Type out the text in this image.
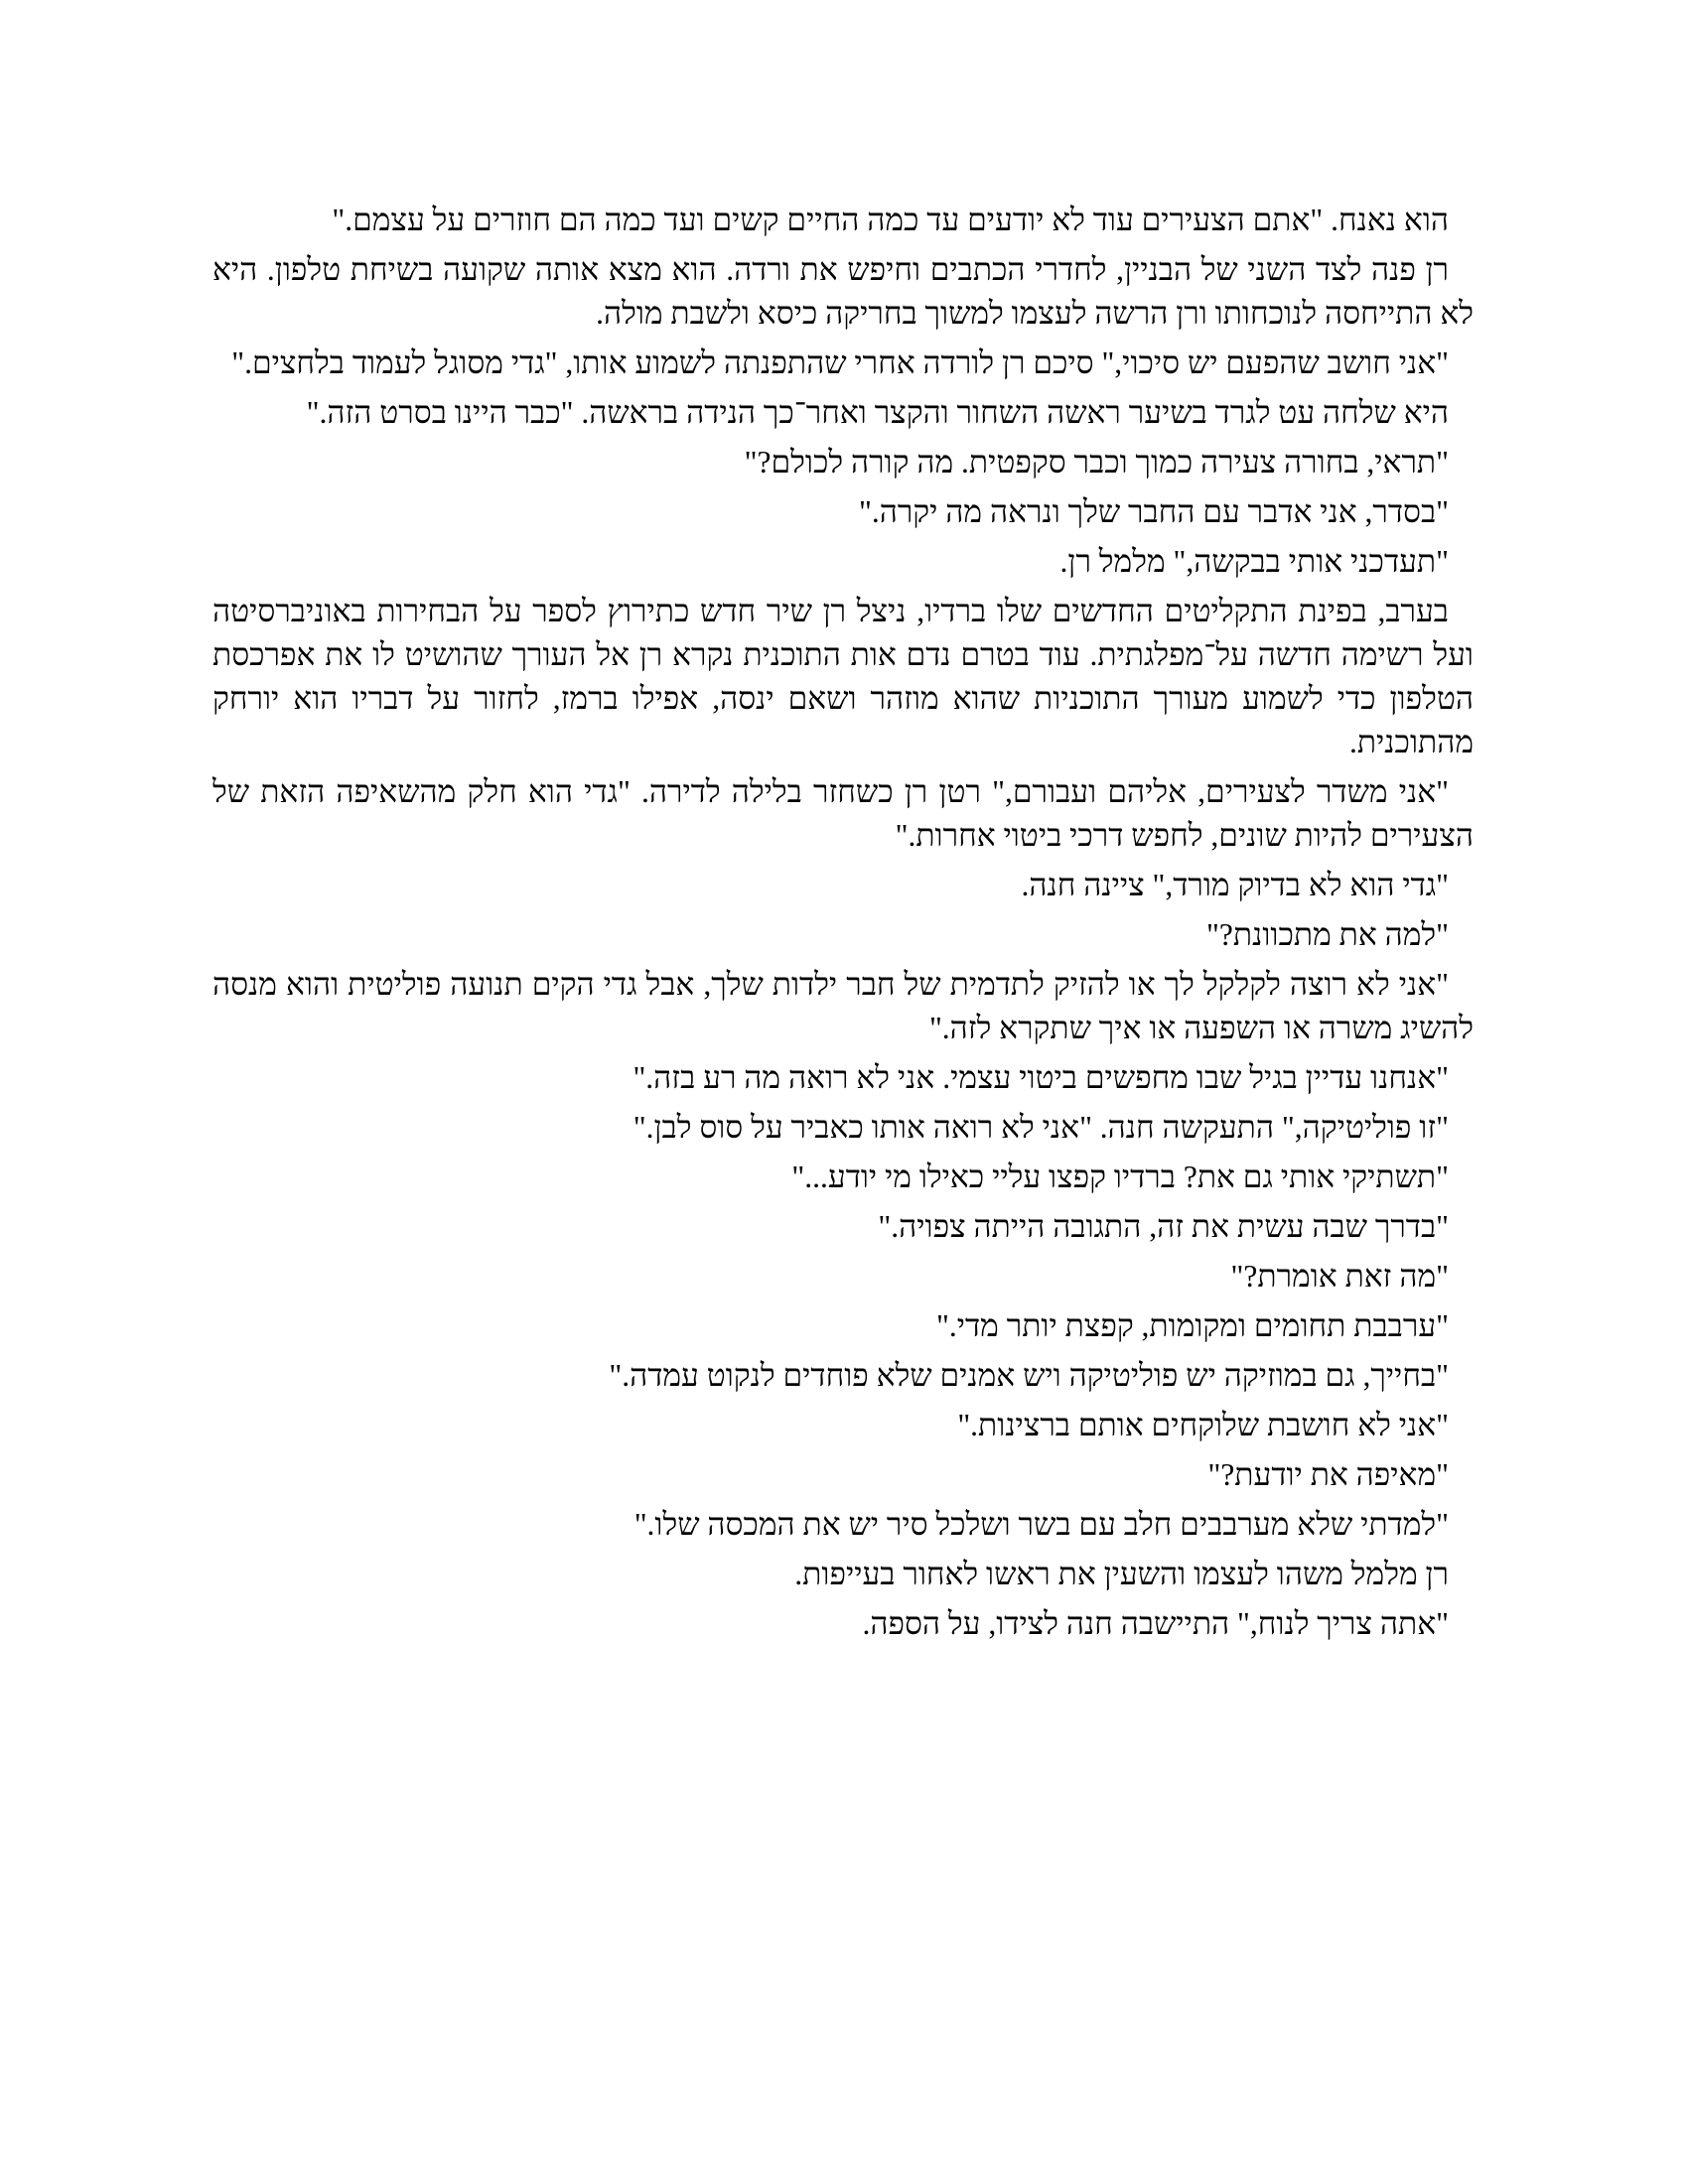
הוא נאנח. "אתם הצעירים עוד לא יודעים עד כמה החיים קשים ועד כמה הם חוזרים על עצמם."

רן פנה לצד השני של הבניין, לחדרי הכתבים וחיפש את ורדה. הוא מצא אותה שקועה בשיחת טלפון. היא לא התייחסה לנוכחותו ורן הרשה לעצמו למשוך בחריקה כיסא ולשבת מולה.

"אני חושב שהפעם יש סיכוי," סיכם רן לורדה אחרי שהתפנתה לשמוע אותו, "גדי מסוגל לעמוד בלחצים."

היא שלחה עט לגרד בשיער ראשה השחור והקצר ואחר־כך הנידה בראשה. "כבר היינו בסרט הזה."

"תראי, בחורה צעירה כמוך וכבר סקפטית. מה קורה לכולם?"

"בסדר, אני אדבר עם החבר שלך ונראה מה יקרה."

"תעדכני אותי בבקשה," מלמל רן.

בערב, בפינת התקליטים החדשים שלו ברדיו, ניצל רן שיר חדש כתירוץ לספר על הבחירות באוניברסיטה ועל רשימה חדשה על־מפלגתית. עוד בטרם נדם אות התוכנית נקרא רן אל העורך שהושיט לו את אפרכסת הטלפון כדי לשמוע מעורך התוכניות שהוא מוזהר ושאם ינסה, אפילו ברמז, לחזור על דבריו הוא יורחק מהתוכנית.

"אני משדר לצעירים, אליהם ועבורם," רטן רן כשחזר בלילה לדירה. "גדי הוא חלק מהשאיפה הזאת של הצעירים להיות שונים, לחפש דרכי ביטוי אחרות."

"גדי הוא לא בדיוק מורד," ציינה חנה.

"למה את מתכוונת?"

"אני לא רוצה לקלקל לך או להזיק לתדמית של חבר ילדות שלך, אבל גדי הקים תנועה פוליטית והוא מנסה להשיג משרה או השפעה או איך שתקרא לזה."

"אנחנו עדיין בגיל שבו מחפשים ביטוי עצמי. אני לא רואה מה רע בזה."

"זו פוליטיקה," התעקשה חנה. "אני לא רואה אותו כאביר על סוס לבן."

"תשתיקי אותי גם את? ברדיו קפצו עליי כאילו מי יודע..."

"בדרך שבה עשית את זה, התגובה הייתה צפויה."

"מה זאת אומרת?"

"ערבבת תחומים ומקומות, קפצת יותר מדי."

"בחייך, גם במוזיקה יש פוליטיקה ויש אמנים שלא פוחדים לנקוט עמדה."

"אני לא חושבת שלוקחים אותם ברצינות."

"מאיפה את יודעת?"

"למדתי שלא מערבבים חלב עם בשר ושלכל סיר יש את המכסה שלו."

רן מלמל משהו לעצמו והשעין את ראשו לאחור בעייפות.

"אתה צריך לנוח," התיישבה חנה לצידו, על הספה.
